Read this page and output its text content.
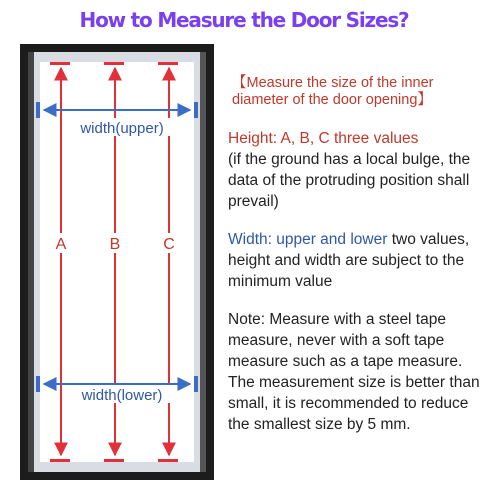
How to Measure the Door Sizes?
A	B	C
width(upper)
width(lower)
【Measure the size of the inner diameter of the door opening】
Height: A, B, C three values
(if the ground has a local bulge, the data of the protruding position shall prevail)
Width: upper and lower two values, height and width are subject to the minimum value
Note: Measure with a steel tape measure, never with a soft tape measure such as a tape measure. The measurement size is better than small, it is recommended to reduce the smallest size by 5 mm.
